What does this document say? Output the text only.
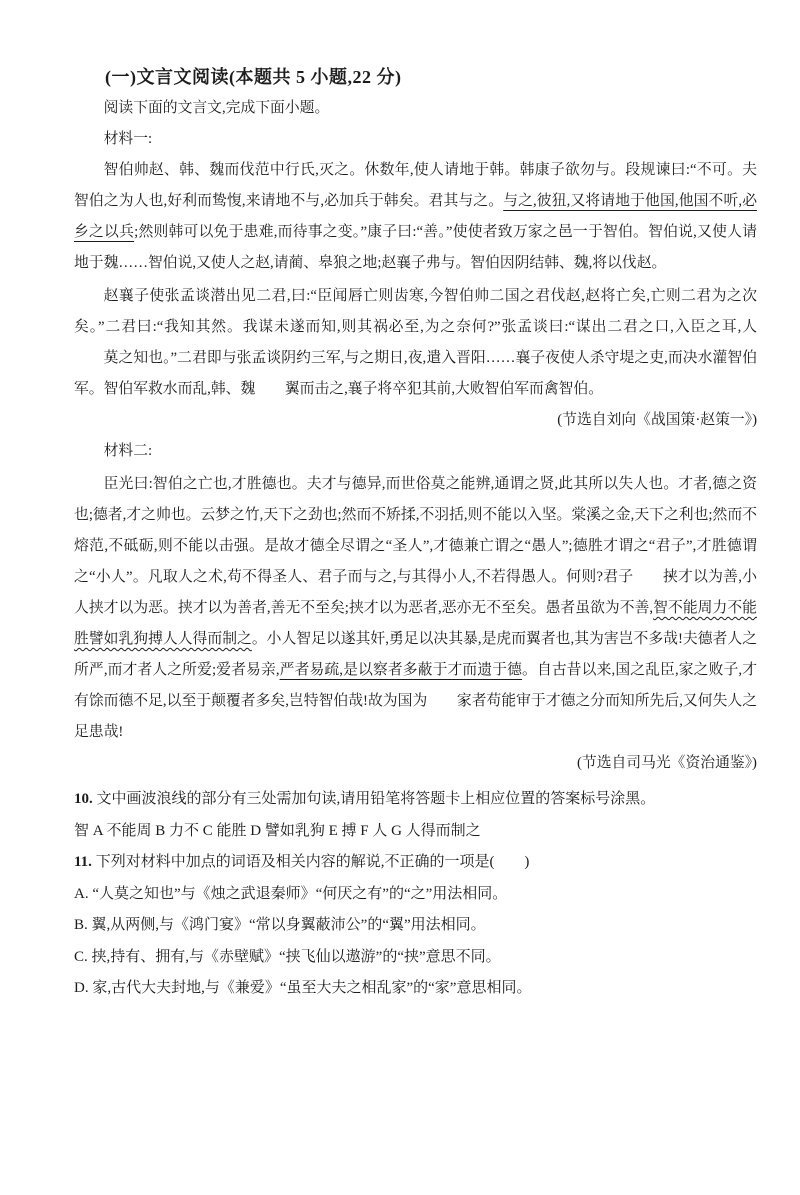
(一)文言文阅读(本题共 5 小题,22 分)
阅读下面的文言文,完成下面小题。
材料一:
智伯帅赵、韩、魏而伐范中行氏,灭之。休数年,使人请地于韩。韩康子欲勿与。段规谏曰:“不可。夫智伯之为人也,好利而鸷愎,来请地不与,必加兵于韩矣。君其与之。与之,彼狃,又将请地于他国,他国不听,必乡之以兵;然则韩可以免于患难,而待事之变。”康子曰:“善。”使使者致万家之邑一于智伯。智伯说,又使人请地于魏……智伯说,又使人之赵,请蔺、皋狼之地;赵襄子弗与。智伯因阴结韩、魏,将以伐赵。
赵襄子使张孟谈潜出见二君,曰:“臣闻唇亡则齿寒,今智伯帅二国之君伐赵,赵将亡矣,亡则二君为之次矣。”二君曰:“我知其然。我谋未遂而知,则其祸必至,为之奈何?”张孟谈曰:“谋出二君之口,入臣之耳,人莫 •之知也。”二君即与张孟谈阴约三军,与之期日,夜,遣入晋阳……襄子夜使人杀守堤之吏,而决水灌智伯军。智伯军救水而乱,韩、魏 翼 •而击之,襄子将卒犯其前,大败智伯军而禽智伯。
(节选自刘向《战国策·赵策一》)
材料二:
臣光曰:智伯之亡也,才胜德也。夫才与德异,而世俗莫之能辨,通谓之贤,此其所以失人也。才者,德之资也;德者,才之帅也。云梦之竹,天下之劲也;然而不矫揉,不羽括,则不能以入坚。棠溪之金,天下之利也;然而不熔范,不砥砺,则不能以击强。是故才德全尽谓之“圣人”,才德兼亡谓之“愚人”;德胜才谓之“君子”,才胜德谓之“小人”。凡取人之术,苟不得圣人、君子而与之,与其得小人,不若得愚人。何则?君子 挟 •才以为善,小人挟才以为恶。挟才以为善者,善无不至矣;挟才以为恶者,恶亦无不至矣。愚者虽欲为不善,智不能周力不能胜譬如乳狗搏人人得而制之。小人智足以遂其奸,勇足以决其暴,是虎而翼者也,其为害岂不多哉!夫德者人之所严,而才者人之所爱;爱者易亲,严者易疏,是以察者多蔽于才而遗于德。自古昔以来,国之乱臣,家之败子,才有馀而德不足,以至于颠覆者多矣,岂特智伯哉!故为国为 家 •者苟能审于才德之分而知所先后,又何失人之足患哉!
(节选自司马光《资治通鉴》)
10. 文中画波浪线的部分有三处需加句读,请用铅笔将答题卡上相应位置的答案标号涂黑。
智 A 不能周 B 力不 C 能胜 D 譬如乳狗 E 搏 F 人 G 人得而制之
11. 下列对材料中加点的词语及相关内容的解说,不正确的一项是(　　)
A. “人莫之知也”与《烛之武退秦师》“何厌之有”的“之”用法相同。
B. 翼,从两侧,与《鸿门宴》“常以身翼蔽沛公”的“翼”用法相同。
C. 挟,持有、拥有,与《赤壁赋》“挟飞仙以遨游”的“挟”意思不同。
D. 家,古代大夫封地,与《兼爱》“虽至大夫之相乱家”的“家”意思相同。
